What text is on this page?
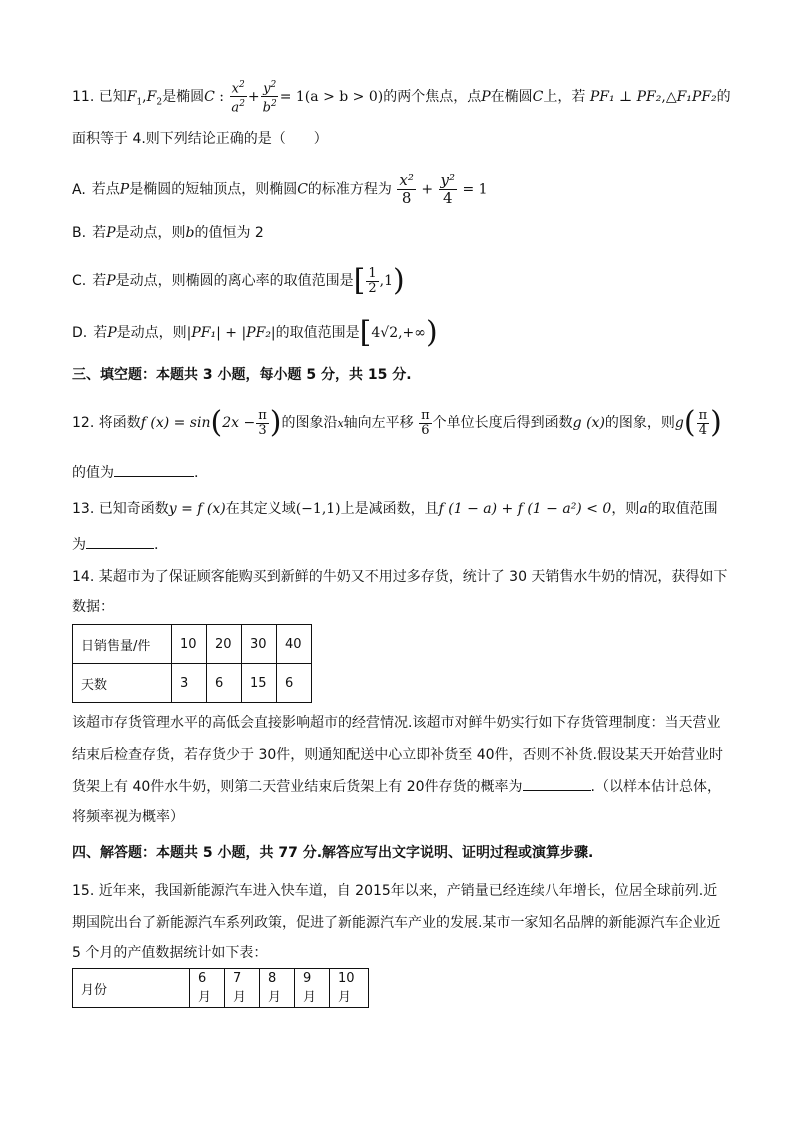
11. 已知$F_1,F_2$是椭圆C : $\frac{x^2}{a^2} + \frac{y^2}{b^2} = 1(a > b > 0)$的两个焦点，点P在椭圆C上，若 PF₁ ⊥ PF₂,△F₁PF₂的
面积等于 4.则下列结论正确的是（　　）
A. 若点P是椭圆的短轴顶点，则椭圆C的标准方程为 $\frac{\text{x²}}{8} + \frac{\text{y²}}{4} = 1$
B. 若P是动点，则b的值恒为 2
C. 若P是动点，则椭圆的离心率的取值范围是[ $\frac{1}{2} ,1$)
D. 若P是动点，则|PF₁| + |PF₂|的取值范围是[4√2,+∞)
三、填空题：本题共 3 小题，每小题 5 分，共 15 分.
12. 将函数f $(x) = \sin(2x - \frac{\pi}{3}$ )的图象沿x轴向左平移 $\frac{\pi}{6}$ 个单位长度后得到函数g (x)的图象，则$g( \frac{\pi}{4}$ )
的值为	.
13. 已知奇函数y = f (x)在其定义域(−1,1)上是减函数，且f (1 − a) + f (1 − a²) < 0，则a的取值范围
为	.
14. 某超市为了保证顾客能购买到新鲜的牛奶又不用过多存货，统计了 30 天销售水牛奶的情况，获得如下
数据：
日销售量/件	10	20	30	40
天数	3	6	15	6
该超市存货管理水平的高低会直接影响超市的经营情况.该超市对鲜牛奶实行如下存货管理制度：当天营业
结束后检查存货，若存货少于 30件，则通知配送中心立即补货至 40件，否则不补货.假设某天开始营业时
货架上有 40件水牛奶，则第二天营业结束后货架上有 20件存货的概率为	.（以样本估计总体，
将频率视为概率）
四、解答题：本题共 5 小题，共 77 分.解答应写出文字说明、证明过程或演算步骤.
15. 近年来，我国新能源汽车进入快车道，自 2015年以来，产销量已经连续八年增长，位居全球前列.近
期国院出台了新能源汽车系列政策，促进了新能源汽车产业的发展.某市一家知名品牌的新能源汽车企业近
5 个月的产值数据统计如下表：
月份	6月	7月	8月	9月	10月
